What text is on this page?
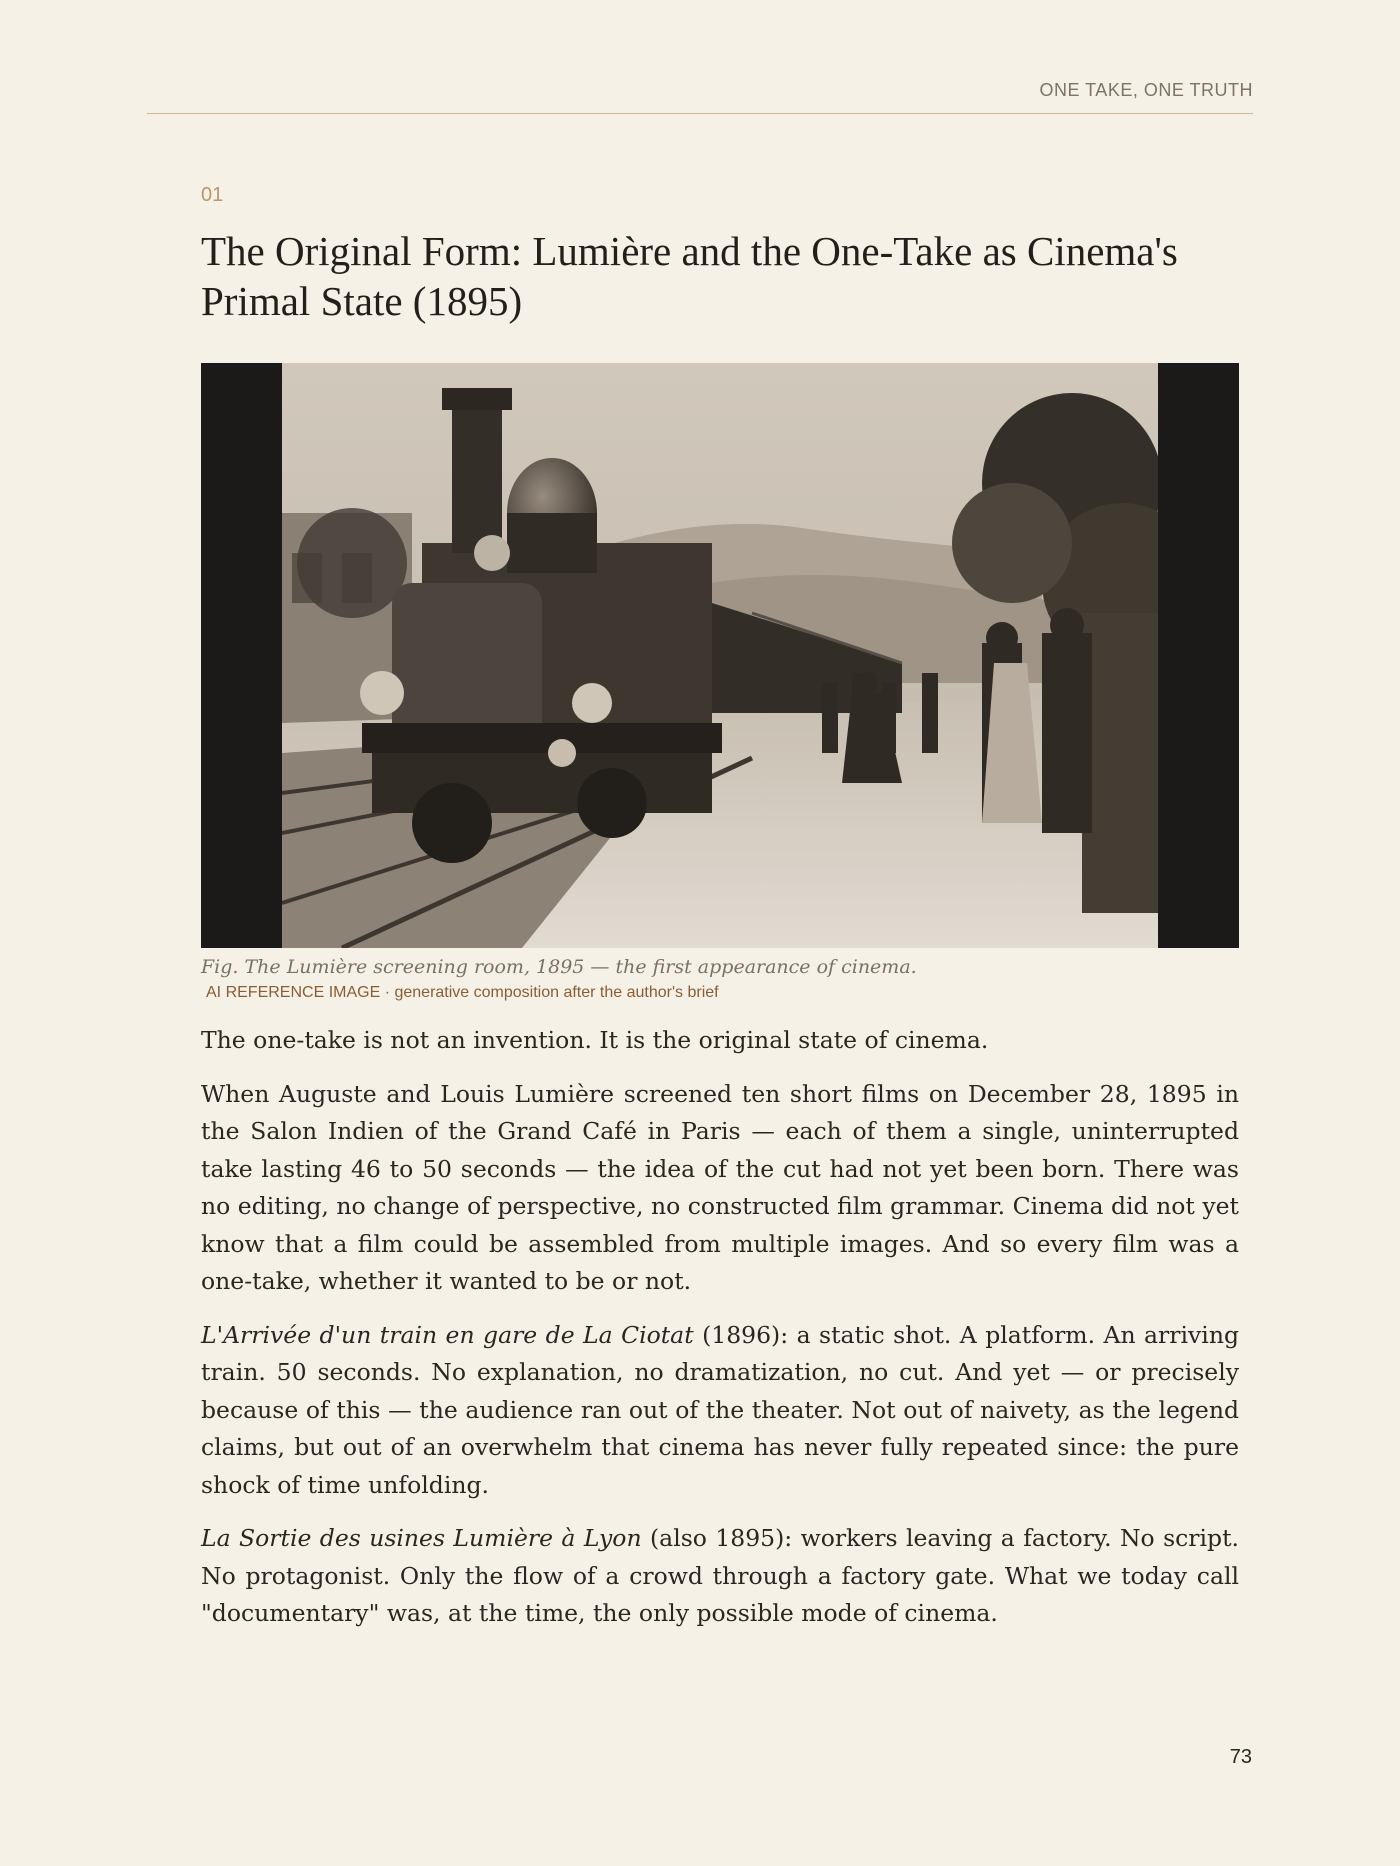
ONE TAKE, ONE TRUTH
01
The Original Form: Lumière and the One-Take as Cinema's Primal State (1895)
Fig. The Lumière screening room, 1895 — the first appearance of cinema.
AI REFERENCE IMAGE · generative composition after the author's brief

The one-take is not an invention. It is the original state of cinema.

When Auguste and Louis Lumière screened ten short films on December 28, 1895 in the Salon Indien of the Grand Café in Paris — each of them a single, uninterrupted take lasting 46 to 50 seconds — the idea of the cut had not yet been born. There was no editing, no change of perspective, no constructed film grammar. Cinema did not yet know that a film could be assembled from multiple images. And so every film was a one-take, whether it wanted to be or not.

L'Arrivée d'un train en gare de La Ciotat (1896): a static shot. A platform. An arriving train. 50 seconds. No explanation, no dramatization, no cut. And yet — or precisely because of this — the audience ran out of the theater. Not out of naivety, as the legend claims, but out of an overwhelm that cinema has never fully repeated since: the pure shock of time unfolding.

La Sortie des usines Lumière à Lyon (also 1895): workers leaving a factory. No script. No protagonist. Only the flow of a crowd through a factory gate. What we today call "documentary" was, at the time, the only possible mode of cinema.

73
